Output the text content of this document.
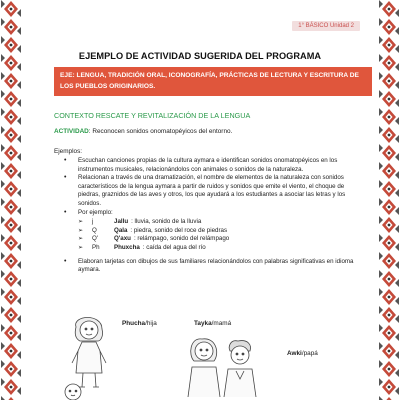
1° BÁSICO Unidad 2
EJEMPLO DE ACTIVIDAD SUGERIDA DEL PROGRAMA
EJE: LENGUA, TRADICIÓN ORAL, ICONOGRAFÍA, PRÁCTICAS DE LECTURA Y ESCRITURA DE LOS PUEBLOS ORIGINARIOS.
CONTEXTO RESCATE Y REVITALIZACIÓN DE LA LENGUA
ACTIVIDAD: Reconocen sonidos onomatopéyicos del entorno.
Ejemplos:
• Escuchan canciones propias de la cultura aymara e identifican sonidos onomatopéyicos en los instrumentos musicales, relacionándolos con animales o sonidos de la naturaleza.
• Relacionan a través de una dramatización, el nombre de elementos de la naturaleza con sonidos característicos de la lengua aymara a partir de ruidos y sonidos que emite el viento, el choque de piedras, graznidos de las aves y otros, los que ayudará a los estudiantes a asociar las letras y los sonidos.
• Por ejemplo:
➢	j	Jallu : lluvia, sonido de la lluvia
➢	Q	Qala : piedra, sonido del roce de piedras
➢	Q'	Q'axu : relámpago, sonido del relámpago
➢	Ph	Phuxcha : caída del agua del río
• Elaboran tarjetas con dibujos de sus familiares relacionándolos con palabras significativas en idioma aymara.
Phucha/hija	Tayka/mamá
Awki/papá
